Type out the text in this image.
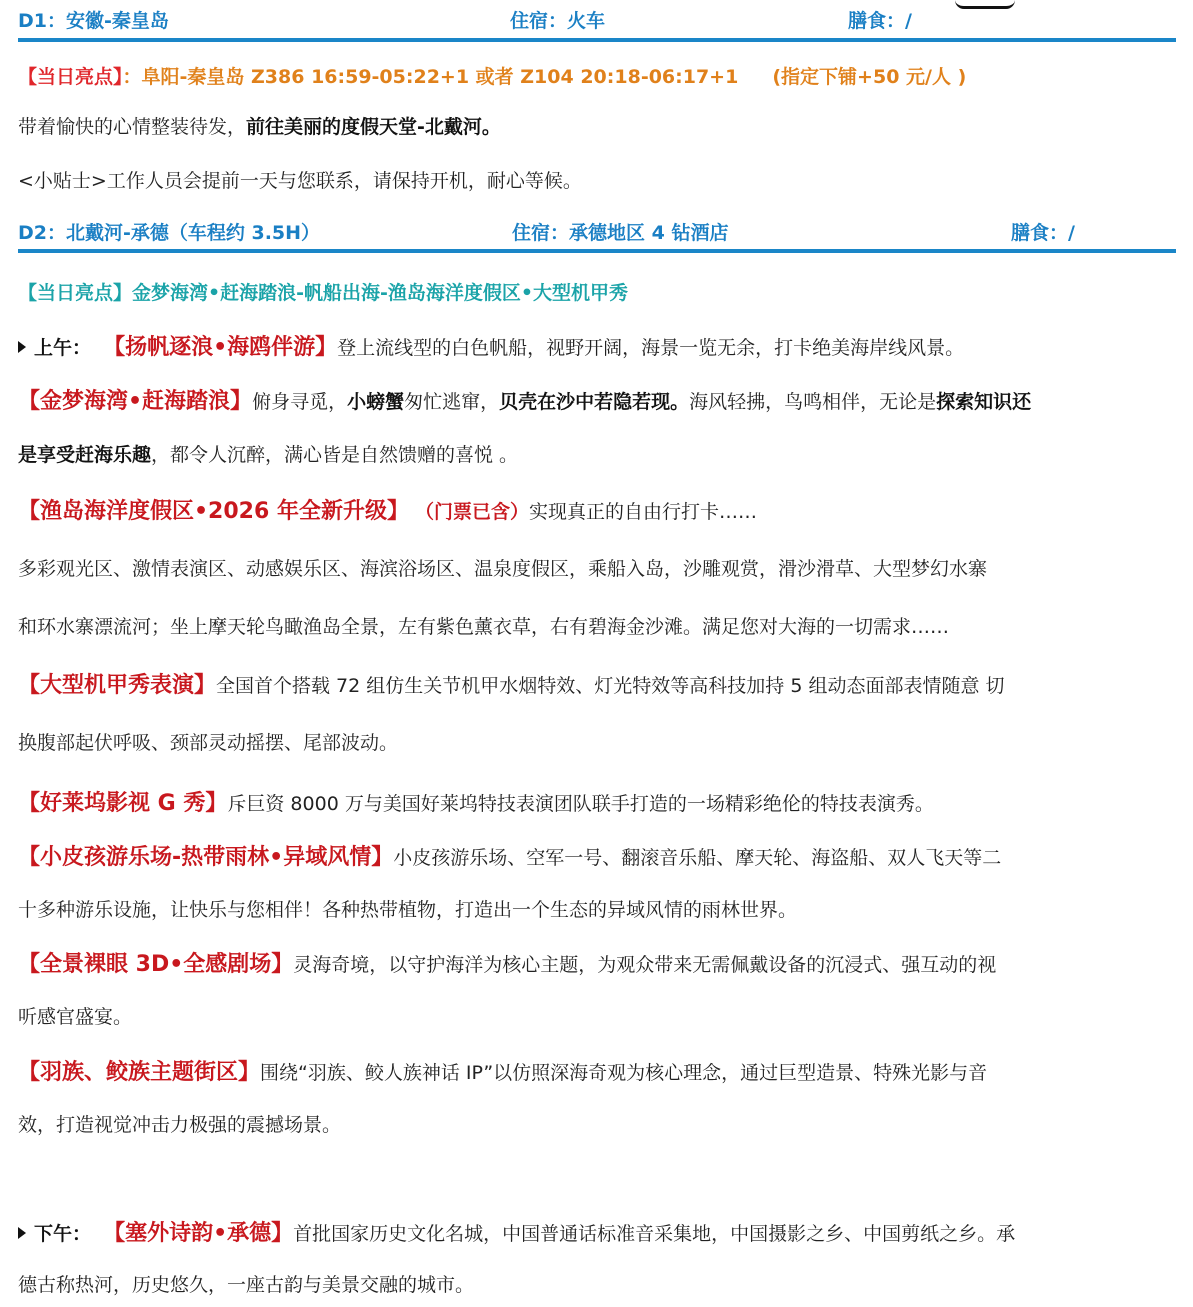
D1：安徽-秦皇岛	住宿：火车	膳食：/
【当日亮点】：阜阳-秦皇岛 Z386 16:59-05:22+1 或者 Z104 20:18-06:17+1 (指定下铺+50 元/人 )
带着愉快的心情整装待发，前往美丽的度假天堂-北戴河。
<小贴士>工作人员会提前一天与您联系，请保持开机，耐心等候。
D2：北戴河-承德（车程约 3.5H）	住宿：承德地区 4 钻酒店	膳食：/
【当日亮点】金梦海湾•赶海踏浪-帆船出海-渔岛海洋度假区•大型机甲秀
上午： 【扬帆逐浪•海鸥伴游】登上流线型的白色帆船，视野开阔，海景一览无余，打卡绝美海岸线风景。
【金梦海湾•赶海踏浪】俯身寻觅，小螃蟹匆忙逃窜，贝壳在沙中若隐若现。海风轻拂，鸟鸣相伴，无论是探索知识还
是享受赶海乐趣，都令人沉醉，满心皆是自然馈赠的喜悦 。
【渔岛海洋度假区•2026 年全新升级】 （门票已含）实现真正的自由行打卡……
多彩观光区、激情表演区、动感娱乐区、海滨浴场区、温泉度假区，乘船入岛，沙雕观赏，滑沙滑草、大型梦幻水寨
和环水寨漂流河；坐上摩天轮鸟瞰渔岛全景，左有紫色薰衣草，右有碧海金沙滩。满足您对大海的一切需求……
【大型机甲秀表演】全国首个搭载 72 组仿生关节机甲水烟特效、灯光特效等高科技加持 5 组动态面部表情随意 切
换腹部起伏呼吸、颈部灵动摇摆、尾部波动。
【好莱坞影视 G 秀】斥巨资 8000 万与美国好莱坞特技表演团队联手打造的一场精彩绝伦的特技表演秀。
【小皮孩游乐场-热带雨林•异域风情】小皮孩游乐场、空军一号、翻滚音乐船、摩天轮、海盗船、双人飞天等二
十多种游乐设施，让快乐与您相伴！各种热带植物，打造出一个生态的异域风情的雨林世界。
【全景裸眼 3D•全感剧场】灵海奇境，以守护海洋为核心主题，为观众带来无需佩戴设备的沉浸式、强互动的视
听感官盛宴。
【羽族、鲛族主题街区】围绕“羽族、鲛人族神话 IP”以仿照深海奇观为核心理念，通过巨型造景、特殊光影与音
效，打造视觉冲击力极强的震撼场景。
下午： 【塞外诗韵•承德】首批国家历史文化名城，中国普通话标准音采集地，中国摄影之乡、中国剪纸之乡。承
德古称热河，历史悠久，一座古韵与美景交融的城市。
